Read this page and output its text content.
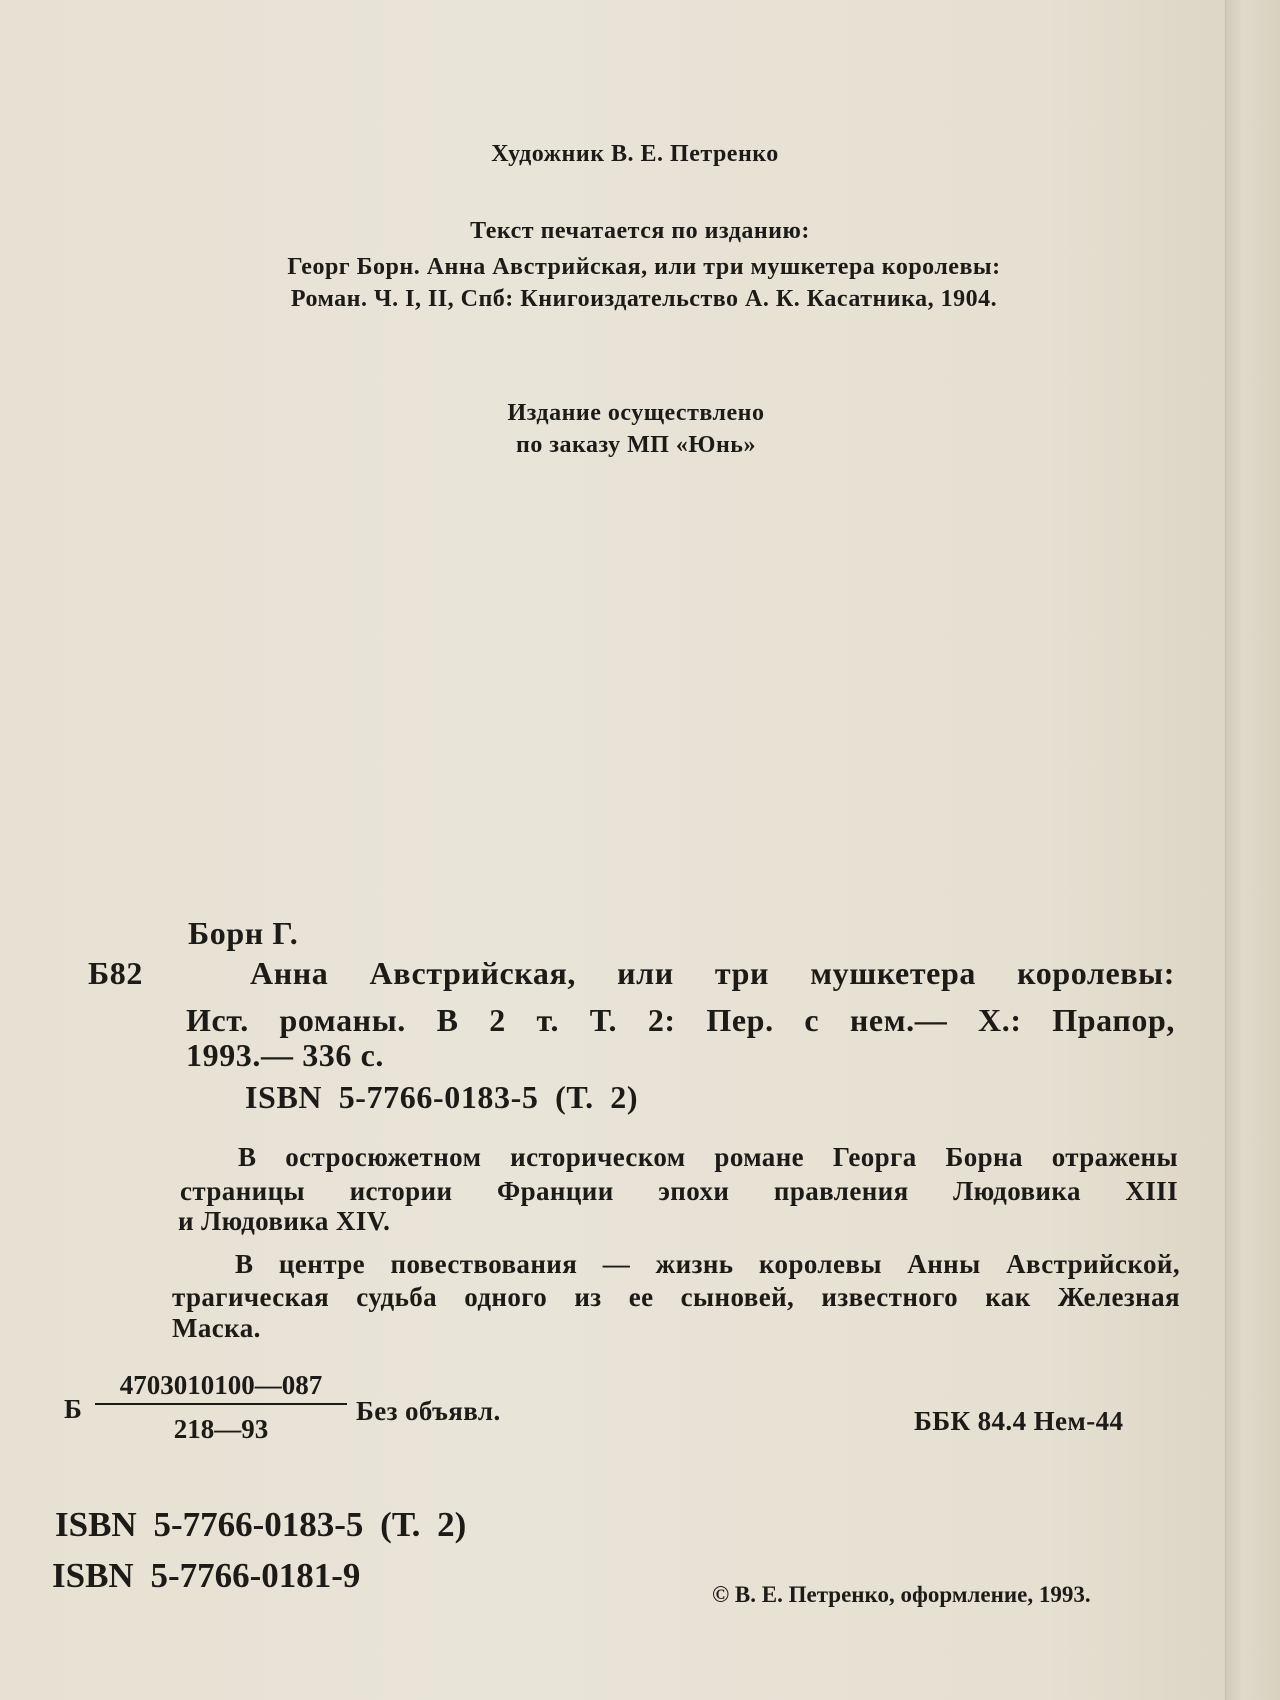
Художник В. Е. Петренко
Текст печатается по изданию:
Георг Борн. Анна Австрийская, или три мушкетера королевы:
Роман. Ч. I, II, Спб: Книгоиздательство А. К. Касатника, 1904.
Издание осуществлено
по заказу МП «Юнь»
Борн Г.
Б82	Анна Австрийская, или три мушкетера королевы:
Ист. романы. В 2 т. Т. 2: Пер. с нем.— Х.: Прапор,
1993.— 336 с.
ISBN 5-7766-0183-5 (Т. 2)
В остросюжетном историческом романе Георга Борна отражены
страницы истории Франции эпохи правления Людовика XIII
и Людовика XIV.
В центре повествования — жизнь королевы Анны Австрийской,
трагическая судьба одного из ее сыновей, известного как Железная
Маска.
Б
4703010100—087
218—93
Без объявл.	ББК 84.4 Нем-44
ISBN 5-7766-0183-5 (Т. 2)
ISBN 5-7766-0181-9	© В. Е. Петренко, оформление, 1993.
